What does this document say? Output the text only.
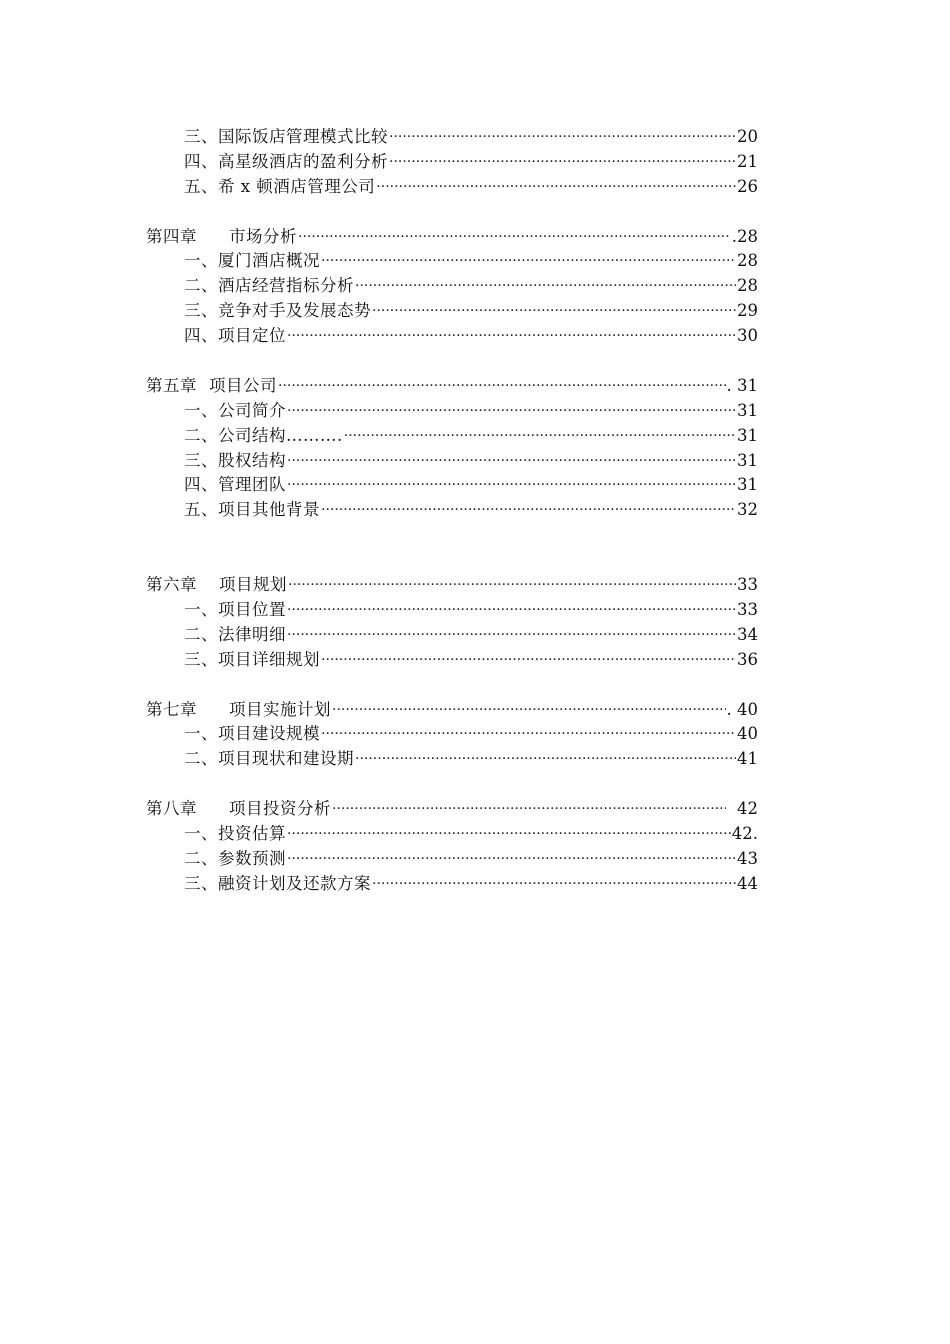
三、国际饭店管理模式比较 ·····	20
四、高星级酒店的盈利分析 ·····	21
五、希 x 顿酒店管理公司 ·····	26
第四章 市场分析 ·····	.28
一、厦门酒店概况 ·····	28
二、酒店经营指标分析 ·····	28
三、竞争对手及发展态势 ·····	29
四、项目定位 ·····	30
第五章 项目公司 ·····	. 31
一、公司简介 ·····	31
二、公司结构………. ·····	31
三、股权结构 ·····	31
四、管理团队 ·····	31
五、项目其他背景 ·····	32
第六章 项目规划 ·····	33
一、项目位置 ·····	33
二、法律明细 ·····	34
三、项目详细规划 ·····	36
第七章 项目实施计划 ·····	. 40
一、项目建设规模 ·····	40
二、项目现状和建设期 ·····	41
第八章 项目投资分析 ·····	42
一、投资估算 ·····	42.
二、参数预测 ·····	43
三、融资计划及还款方案 ·····	44
